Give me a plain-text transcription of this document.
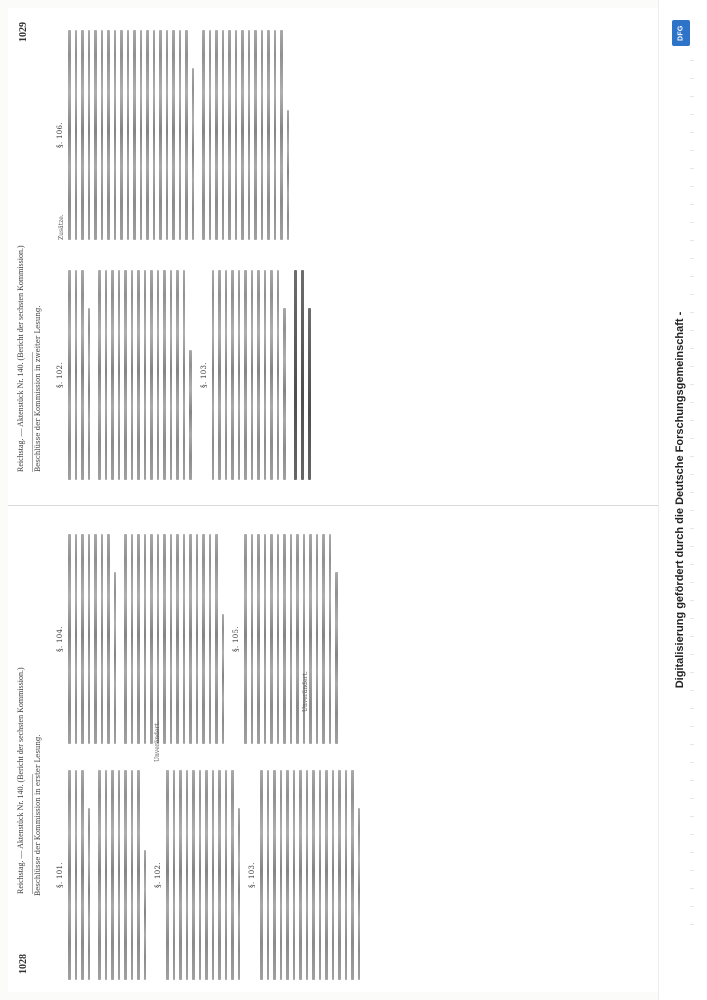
1028
1029
Reichstag. — Aktenstück Nr. 140. (Bericht der sechsten Kommission.)
Reichstag. — Aktenstück Nr. 140. (Bericht der sechsten Kommission.)
Beschlüsse der Kommission in erster Lesung.
Beschlüsse der Kommission in zweiter Lesung.
§. 101.	§. 102.	§. 103.
§. 104.	§. 105.
§. 102.	§. 103.
§. 106.
Unverändert.
Unverändert.
Zusätze.
DFG
Digitalisierung gefördert durch die Deutsche Forschungsgemeinschaft -
